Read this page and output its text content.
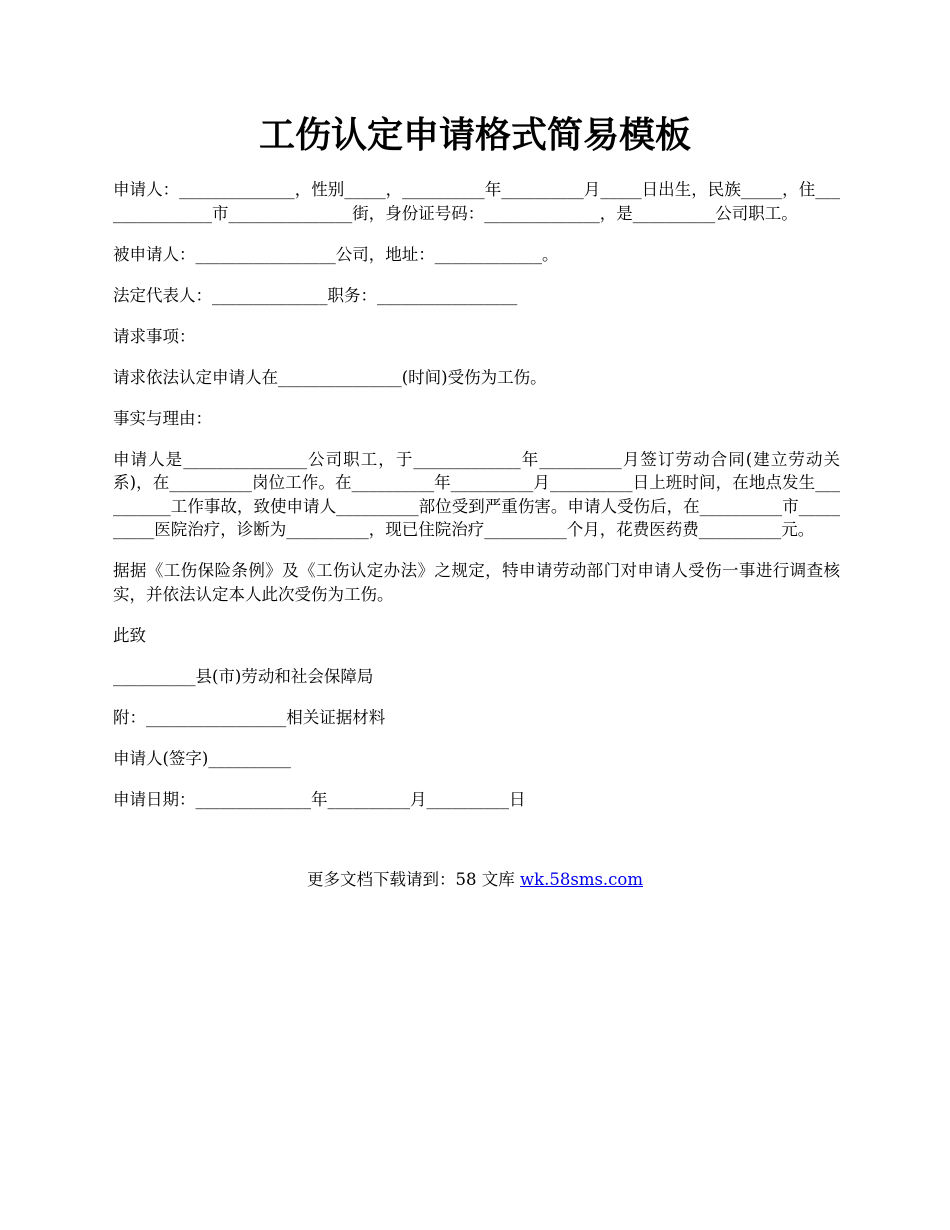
工伤认定申请格式简易模板

申请人：______________，性别_____，__________年__________月_____日出生，民族_____，住_______________市_______________街，身份证号码：______________，是__________公司职工。

被申请人：_________________公司，地址：_____________。

法定代表人：______________职务：_________________

请求事项：

请求依法认定申请人在_______________(时间)受伤为工伤。

事实与理由：

申请人是_______________公司职工，于_____________年__________月签订劳动合同(建立劳动关系)，在__________岗位工作。在__________年__________月__________日上班时间，在地点发生__________工作事故，致使申请人__________部位受到严重伤害。申请人受伤后，在__________市__________医院治疗，诊断为__________，现已住院治疗__________个月，花费医药费__________元。

据据《工伤保险条例》及《工伤认定办法》之规定，特申请劳动部门对申请人受伤一事进行调查核实，并依法认定本人此次受伤为工伤。

此致

__________县(市)劳动和社会保障局

附：_________________相关证据材料

申请人(签字)__________

申请日期：______________年__________月__________日

更多文档下载请到：58 文库 wk.58sms.com
